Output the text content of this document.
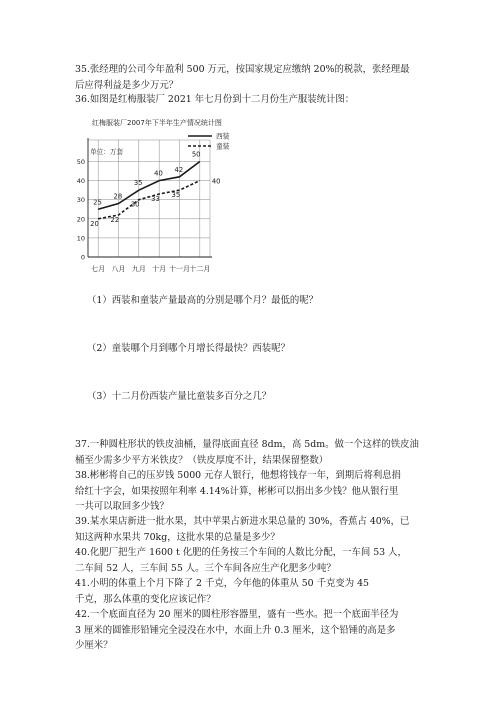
35.张经理的公司今年盈利 500 万元，按国家规定应缴纳 20%的税款，张经理最
后应得利益是多少万元？
36.如图是红梅服装厂 2021 年七月份到十二月份生产服装统计图：
红梅服装厂2007年下半年生产情况统计图
单位：万套
0
10
20
30
40
50
七月 八月 九月 十月 十一月 十二月
西装
童装
25
28
35
40 42
50
20 22
30
33 35
40
（1）西装和童装产量最高的分别是哪个月？最低的呢？
（2）童装哪个月到哪个月增长得最快？西装呢？
（3）十二月份西装产量比童装多百分之几？
37.一种圆柱形状的铁皮油桶，量得底面直径 8dm，高 5dm。做一个这样的铁皮油
桶至少需多少平方米铁皮？（铁皮厚度不计，结果保留整数）
38.彬彬将自己的压岁钱 5000 元存人银行，他想将钱存一年，到期后将利息捐
给红十字会，如果按照年利率 4.14%计算，彬彬可以捐出多少钱？他从银行里
一共可以取回多少钱？
39.某水果店新进一批水果，其中苹果占新进水果总量的 30%，香蕉占 40%，已
知这两种水果共 70kg，这批水果的总量是多少？
40.化肥厂把生产 1600 t 化肥的任务按三个车间的人数比分配，一车间 53 人，
二车间 52 人，三车间 55 人。三个车间各应生产化肥多少吨？
41.小明的体重上个月下降了 2 千克，今年他的体重从 50 千克变为 45
千克，那么体重的变化应该记作？
42.一个底面直径为 20 厘米的圆柱形容器里，盛有一些水。把一个底面半径为
3 厘米的圆锥形铅锤完全浸没在水中，水面上升 0.3 厘米，这个铅锤的高是多
少厘米？
